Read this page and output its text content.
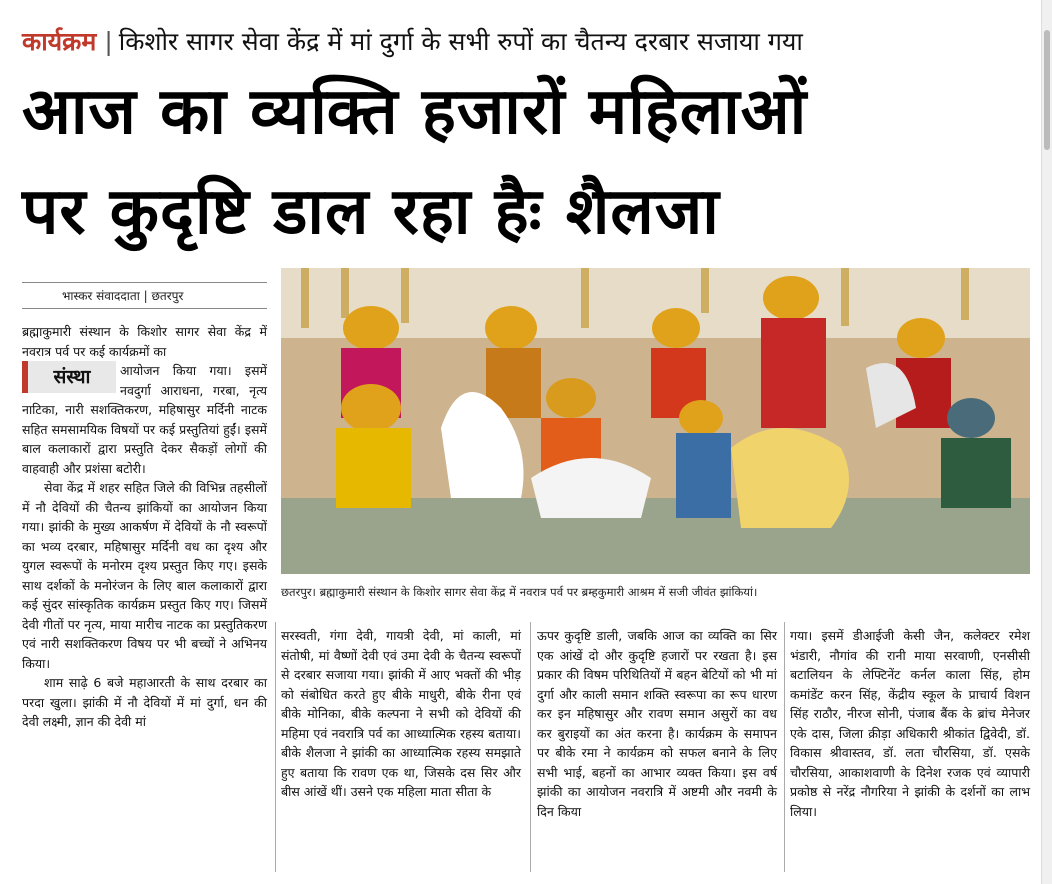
कार्यक्रम | किशोर सागर सेवा केंद्र में मां दुर्गा के सभी रुपों का चैतन्य दरबार सजाया गया
आज का व्यक्ति हजारों महिलाओं
पर कुदृष्टि डाल रहा हैः शैलजा
भास्कर संवाददाता | छतरपुर

ब्रह्माकुमारी संस्थान के किशोर सागर सेवा केंद्र में नवरात्र पर्व पर कई कार्यक्रमों का

संस्था	आयोजन किया गया। इसमें नवदुर्गा आराधना, गरबा, नृत्य नाटिका, नारी सशक्तिकरण, महिषासुर मर्दिनी नाटक सहित समसामयिक विषयों पर कई प्रस्तुतियां हुईं। इसमें बाल कलाकारों द्वारा प्रस्तुति देकर सैकड़ों लोगों की वाहवाही और प्रशंसा बटोरी।

सेवा केंद्र में शहर सहित जिले की विभिन्न तहसीलों में नौ देवियों की चैतन्य झांकियों का आयोजन किया गया। झांकी के मुख्य आकर्षण में देवियों के नौ स्वरूपों का भव्य दरबार, महिषासुर मर्दिनी वध का दृश्य और युगल स्वरूपों के मनोरम दृश्य प्रस्तुत किए गए। इसके साथ दर्शकों के मनोरंजन के लिए बाल कलाकारों द्वारा कई सुंदर सांस्कृतिक कार्यक्रम प्रस्तुत किए गए। जिसमें देवी गीतों पर नृत्य, माया मारीच नाटक का प्रस्तुतिकरण एवं नारी सशक्तिकरण विषय पर भी बच्चों ने अभिनय किया।

शाम साढ़े 6 बजे महाआरती के साथ दरबार का परदा खुला। झांकी में नौ देवियों में मां दुर्गा, धन की देवी लक्ष्मी, ज्ञान की देवी मां

छतरपुर। ब्रह्माकुमारी संस्थान के किशोर सागर सेवा केंद्र में नवरात्र पर्व पर ब्रम्हकुमारी आश्रम में सजी जीवंत झांकियां।

सरस्वती, गंगा देवी, गायत्री देवी, मां काली, मां संतोषी, मां वैष्णों देवी एवं उमा देवी के चैतन्य स्वरूपों से दरबार सजाया गया। झांकी में आए भक्तों की भीड़ को संबोधित करते हुए बीके माधुरी, बीके रीना एवं बीके मोनिका, बीके कल्पना ने सभी को देवियों की महिमा एवं नवरात्रि पर्व का आध्यात्मिक रहस्य बताया। बीके शैलजा ने झांकी का आध्यात्मिक रहस्य समझाते हुए बताया कि रावण एक था, जिसके दस सिर और बीस आंखें थीं। उसने एक महिला माता सीता के

ऊपर कुदृष्टि डाली, जबकि आज का व्यक्ति का सिर एक आंखें दो और कुदृष्टि हजारों पर रखता है। इस प्रकार की विषम परिथितियों में बहन बेटियों को भी मां दुर्गा और काली समान शक्ति स्वरूपा का रूप धारण कर इन महिषासुर और रावण समान असुरों का वध कर बुराइयों का अंत करना है। कार्यक्रम के समापन पर बीके रमा ने कार्यक्रम को सफल बनाने के लिए सभी भाई, बहनों का आभार व्यक्त किया। इस वर्ष झांकी का आयोजन नवरात्रि में अष्टमी और नवमी के दिन किया

गया। इसमें डीआईजी केसी जैन, कलेक्टर रमेश भंडारी, नौगांव की रानी माया सरवाणी, एनसीसी बटालियन के लेफ्टिनेंट कर्नल काला सिंह, होम कमांडेंट करन सिंह, केंद्रीय स्कूल के प्राचार्य विशन सिंह राठौर, नीरज सोनी, पंजाब बैंक के ब्रांच मेनेजर एके दास, जिला क्रीड़ा अधिकारी श्रीकांत द्विवेदी, डॉ. विकास श्रीवास्तव, डॉ. लता चौरसिया, डॉ. एसके चौरसिया, आकाशवाणी के दिनेश रजक एवं व्यापारी प्रकोष्ठ से नरेंद्र नौगरिया ने झांकी के दर्शनों का लाभ लिया।
